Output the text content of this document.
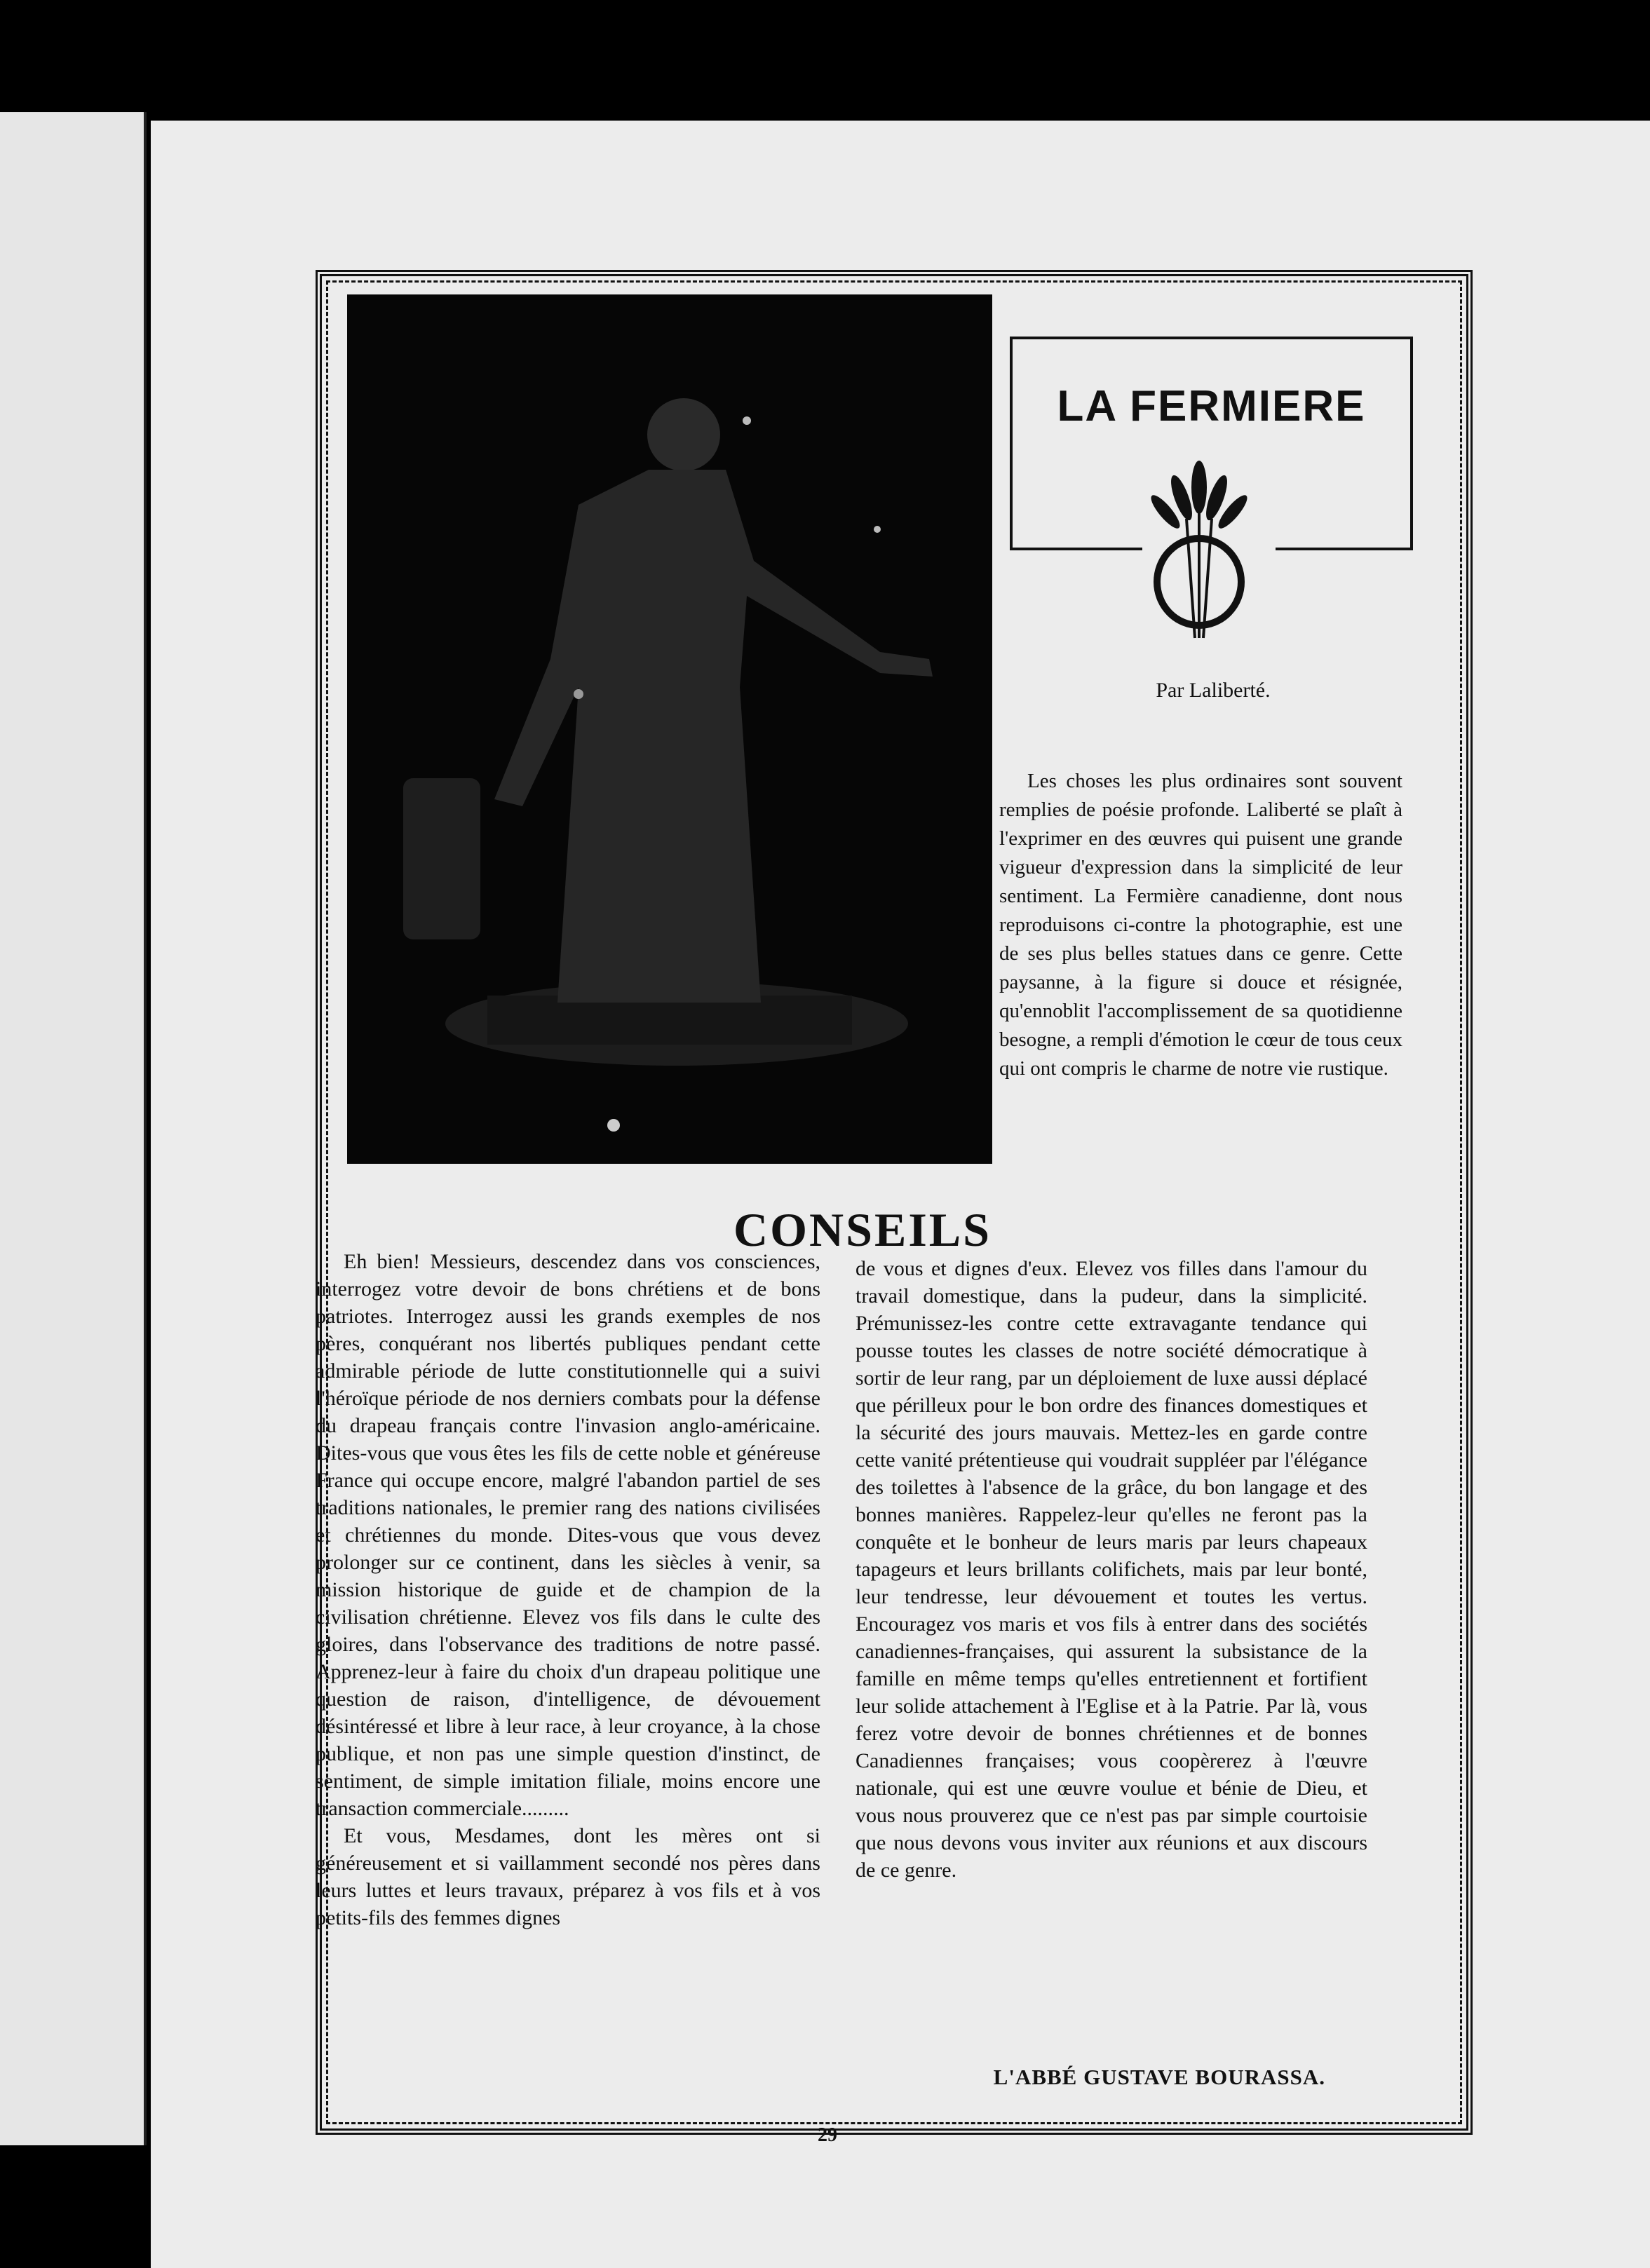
LA FERMIERE
Par Laliberté.

Les choses les plus ordinaires sont souvent remplies de poésie profonde. Laliberté se plaît à l'exprimer en des œuvres qui puisent une grande vigueur d'expression dans la simplicité de leur sentiment. La Fermière canadienne, dont nous reproduisons ci-contre la photographie, est une de ses plus belles statues dans ce genre. Cette paysanne, à la figure si douce et résignée, qu'ennoblit l'accomplissement de sa quotidienne besogne, a rempli d'émotion le cœur de tous ceux qui ont compris le charme de notre vie rustique.

CONSEILS

Eh bien! Messieurs, descendez dans vos consciences, interrogez votre devoir de bons chrétiens et de bons patriotes. Interrogez aussi les grands exemples de nos pères, conquérant nos libertés publiques pendant cette admirable période de lutte constitutionnelle qui a suivi l'héroïque période de nos derniers combats pour la défense du drapeau français contre l'invasion anglo-américaine. Dites-vous que vous êtes les fils de cette noble et généreuse France qui occupe encore, malgré l'abandon partiel de ses traditions nationales, le premier rang des nations civilisées et chrétiennes du monde. Dites-vous que vous devez prolonger sur ce continent, dans les siècles à venir, sa mission historique de guide et de champion de la civilisation chrétienne. Elevez vos fils dans le culte des gloires, dans l'observance des traditions de notre passé. Apprenez-leur à faire du choix d'un drapeau politique une question de raison, d'intelligence, de dévouement désintéressé et libre à leur race, à leur croyance, à la chose publique, et non pas une simple question d'instinct, de sentiment, de simple imitation filiale, moins encore une transaction commerciale.........

Et vous, Mesdames, dont les mères ont si généreusement et si vaillamment secondé nos pères dans leurs luttes et leurs travaux, préparez à vos fils et à vos petits-fils des femmes dignes

de vous et dignes d'eux. Elevez vos filles dans l'amour du travail domestique, dans la pudeur, dans la simplicité. Prémunissez-les contre cette extravagante tendance qui pousse toutes les classes de notre société démocratique à sortir de leur rang, par un déploiement de luxe aussi déplacé que périlleux pour le bon ordre des finances domestiques et la sécurité des jours mauvais. Mettez-les en garde contre cette vanité prétentieuse qui voudrait suppléer par l'élégance des toilettes à l'absence de la grâce, du bon langage et des bonnes manières. Rappelez-leur qu'elles ne feront pas la conquête et le bonheur de leurs maris par leurs chapeaux tapageurs et leurs brillants colifichets, mais par leur bonté, leur tendresse, leur dévouement et toutes les vertus. Encouragez vos maris et vos fils à entrer dans des sociétés canadiennes-françaises, qui assurent la subsistance de la famille en même temps qu'elles entretiennent et fortifient leur solide attachement à l'Eglise et à la Patrie. Par là, vous ferez votre devoir de bonnes chrétiennes et de bonnes Canadiennes françaises; vous coopèrerez à l'œuvre nationale, qui est une œuvre voulue et bénie de Dieu, et vous nous prouverez que ce n'est pas par simple courtoisie que nous devons vous inviter aux réunions et aux discours de ce genre.

L'ABBÉ GUSTAVE BOURASSA.
29
